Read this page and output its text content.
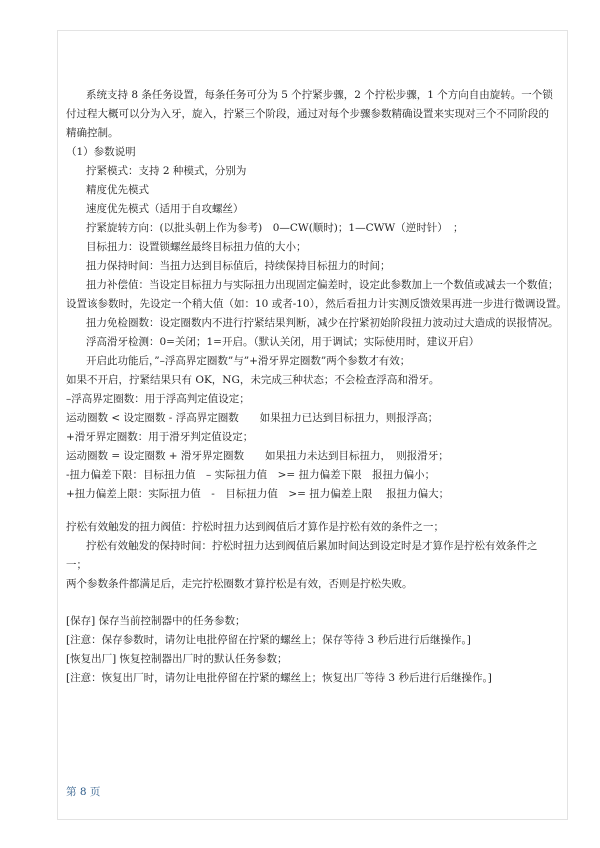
系统支持 8 条任务设置，每条任务可分为 5 个拧紧步骤，2 个拧松步骤，1 个方向自由旋转。一个锁

付过程大概可以分为入牙，旋入，拧紧三个阶段，通过对每个步骤参数精确设置来实现对三个不同阶段的

精确控制。

（1）参数说明

拧紧模式：支持 2 种模式，分别为

精度优先模式

速度优先模式（适用于自攻螺丝）

拧紧旋转方向：(以批头朝上作为参考)　0—CW(顺时)；1—CWW（逆时针）　；

目标扭力：设置锁螺丝最终目标扭力值的大小；

扭力保持时间：当扭力达到目标值后，持续保持目标扭力的时间；

扭力补偿值：当设定目标扭力与实际扭力出现固定偏差时，设定此参数加上一个数值或减去一个数值；

设置该参数时，先设定一个稍大值（如：10 或者-10），然后看扭力计实测反馈效果再进一步进行微调设置。

扭力免检圈数：设定圈数内不进行拧紧结果判断，减少在拧紧初始阶段扭力波动过大造成的误报情况。

浮高滑牙检测：0=关闭；1=开启。（默认关闭，用于调试；实际使用时，建议开启）

开启此功能后，”–浮高界定圈数”与”+滑牙界定圈数”两个参数才有效；

如果不开启，拧紧结果只有 OK，NG，未完成三种状态；不会检查浮高和滑牙。

–浮高界定圈数：用于浮高判定值设定；

运动圈数 < 设定圈数 - 浮高界定圈数　　如果扭力已达到目标扭力，则报浮高；

+滑牙界定圈数：用于滑牙判定值设定；

运动圈数 = 设定圈数 + 滑牙界定圈数　　如果扭力未达到目标扭力，　则报滑牙；

-扭力偏差下限：目标扭力值　– 实际扭力值　>= 扭力偏差下限　报扭力偏小；

+扭力偏差上限：实际扭力值　-　目标扭力值　>= 扭力偏差上限　 报扭力偏大；

拧松有效触发的扭力阀值：拧松时扭力达到阀值后才算作是拧松有效的条件之一；

拧松有效触发的保持时间：拧松时扭力达到阀值后累加时间达到设定时是才算作是拧松有效条件之

一；

两个参数条件都满足后，走完拧松圈数才算拧松是有效，否则是拧松失败。

[保存] 保存当前控制器中的任务参数；

[注意：保存参数时，请勿让电批停留在拧紧的螺丝上；保存等待 3 秒后进行后继操作。]

[恢复出厂] 恢复控制器出厂时的默认任务参数；

[注意：恢复出厂时，请勿让电批停留在拧紧的螺丝上；恢复出厂等待 3 秒后进行后继操作。]

第 8 页
